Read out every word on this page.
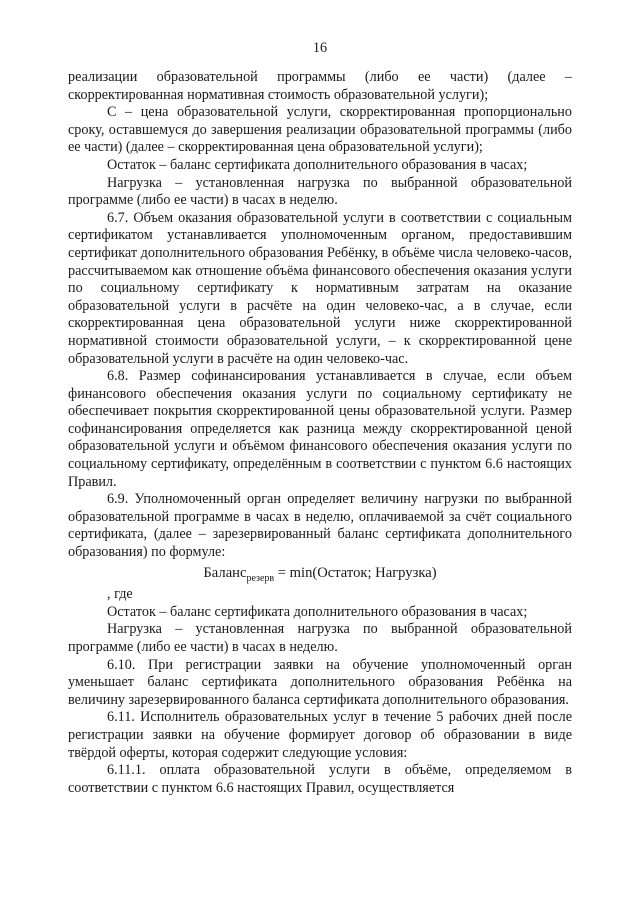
16

реализации образовательной программы (либо ее части) (далее – скорректированная нормативная стоимость образовательной услуги);

С – цена образовательной услуги, скорректированная пропорционально сроку, оставшемуся до завершения реализации образовательной программы (либо ее части) (далее – скорректированная цена образовательной услуги);

Остаток – баланс сертификата дополнительного образования в часах;

Нагрузка – установленная нагрузка по выбранной образовательной программе (либо ее части) в часах в неделю.

6.7. Объем оказания образовательной услуги в соответствии с социальным сертификатом устанавливается уполномоченным органом, предоставившим сертификат дополнительного образования Ребёнку, в объёме числа человеко-часов, рассчитываемом как отношение объёма финансового обеспечения оказания услуги по социальному сертификату к нормативным затратам на оказание образовательной услуги в расчёте на один человеко-час, а в случае, если скорректированная цена образовательной услуги ниже скорректированной нормативной стоимости образовательной услуги, – к скорректированной цене образовательной услуги в расчёте на один человеко-час.

6.8. Размер софинансирования устанавливается в случае, если объем финансового обеспечения оказания услуги по социальному сертификату не обеспечивает покрытия скорректированной цены образовательной услуги. Размер софинансирования определяется как разница между скорректированной ценой образовательной услуги и объёмом финансового обеспечения оказания услуги по социальному сертификату, определённым в соответствии с пунктом 6.6 настоящих Правил.

6.9. Уполномоченный орган определяет величину нагрузки по выбранной образовательной программе в часах в неделю, оплачиваемой за счёт социального сертификата, (далее – зарезервированный баланс сертификата дополнительного образования) по формуле:

Баланс$_{резерв}$ = min(Остаток; Нагрузка)

, где

Остаток – баланс сертификата дополнительного образования в часах;

Нагрузка – установленная нагрузка по выбранной образовательной программе (либо ее части) в часах в неделю.

6.10. При регистрации заявки на обучение уполномоченный орган уменьшает баланс сертификата дополнительного образования Ребёнка на величину зарезервированного баланса сертификата дополнительного образования.

6.11. Исполнитель образовательных услуг в течение 5 рабочих дней после регистрации заявки на обучение формирует договор об образовании в виде твёрдой оферты, которая содержит следующие условия:

6.11.1. оплата образовательной услуги в объёме, определяемом в соответствии с пунктом 6.6 настоящих Правил, осуществляется
